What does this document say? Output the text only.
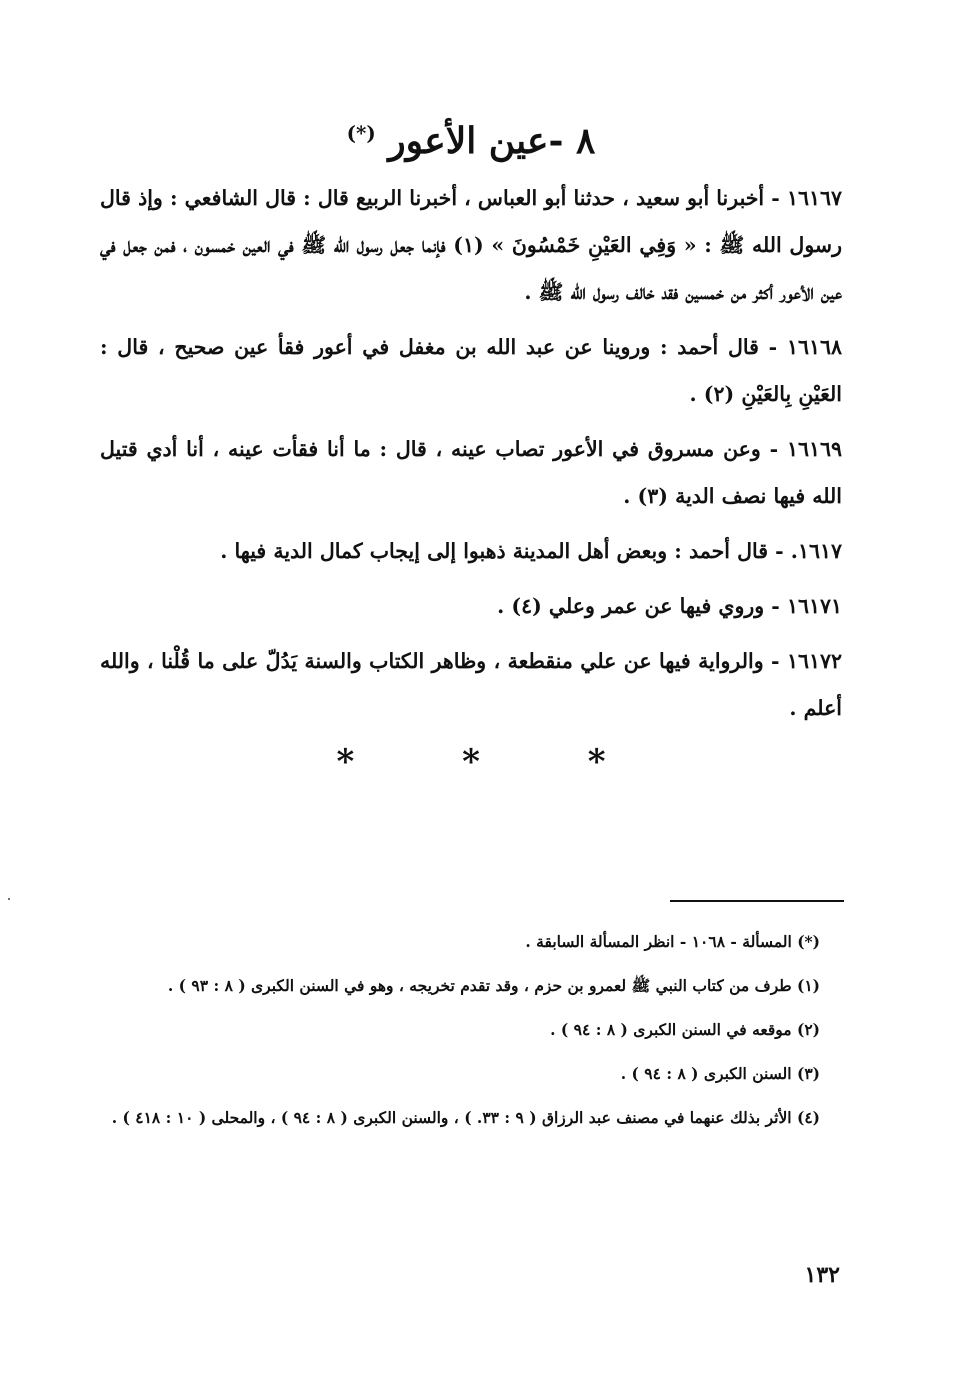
٨ -عين الأعور (*)

١٦١٦٧ - أخبرنا أبو سعيد ، حدثنا أبو العباس ، أخبرنا الربيع قال : قال الشافعي : وإذ قال رسول الله ﷺ : « وَفِي العَيْنِ خَمْسُونَ » (١) فإنما جعل رسول الله ﷺ في العين خمسون ، فمن جعل في عين الأعور أكثر من خمسين فقد خالف رسول الله ﷺ .

١٦١٦٨ - قال أحمد : وروينا عن عبد الله بن مغفل في أعور فقأ عين صحيح ، قال : العَيْنِ بِالعَيْنِ (٢) .

١٦١٦٩ - وعن مسروق في الأعور تصاب عينه ، قال : ما أنا فقأت عينه ، أنا أدي قتيل الله فيها نصف الدية (٣) .

١٦١٧. - قال أحمد : وبعض أهل المدينة ذهبوا إلى إيجاب كمال الدية فيها .

١٦١٧١ - وروي فيها عن عمر وعلي (٤) .

١٦١٧٢ - والرواية فيها عن علي منقطعة ، وظاهر الكتاب والسنة يَدُلّ على ما قُلْنا ، والله أعلم .

* * *

(*) المسألة - ١٠٦٨ - انظر المسألة السابقة .

(١) طرف من كتاب النبي ﷺ لعمرو بن حزم ، وقد تقدم تخريجه ، وهو في السنن الكبرى ( ٨ : ٩٣ ) .

(٢) موقعه في السنن الكبرى ( ٨ : ٩٤ ) .

(٣) السنن الكبرى ( ٨ : ٩٤ ) .

(٤) الأثر بذلك عنهما في مصنف عبد الرزاق ( ٩ : ٣٣. ) ، والسنن الكبرى ( ٨ : ٩٤ ) ، والمحلى ( ١٠ : ٤١٨ ) .

١٣٢
